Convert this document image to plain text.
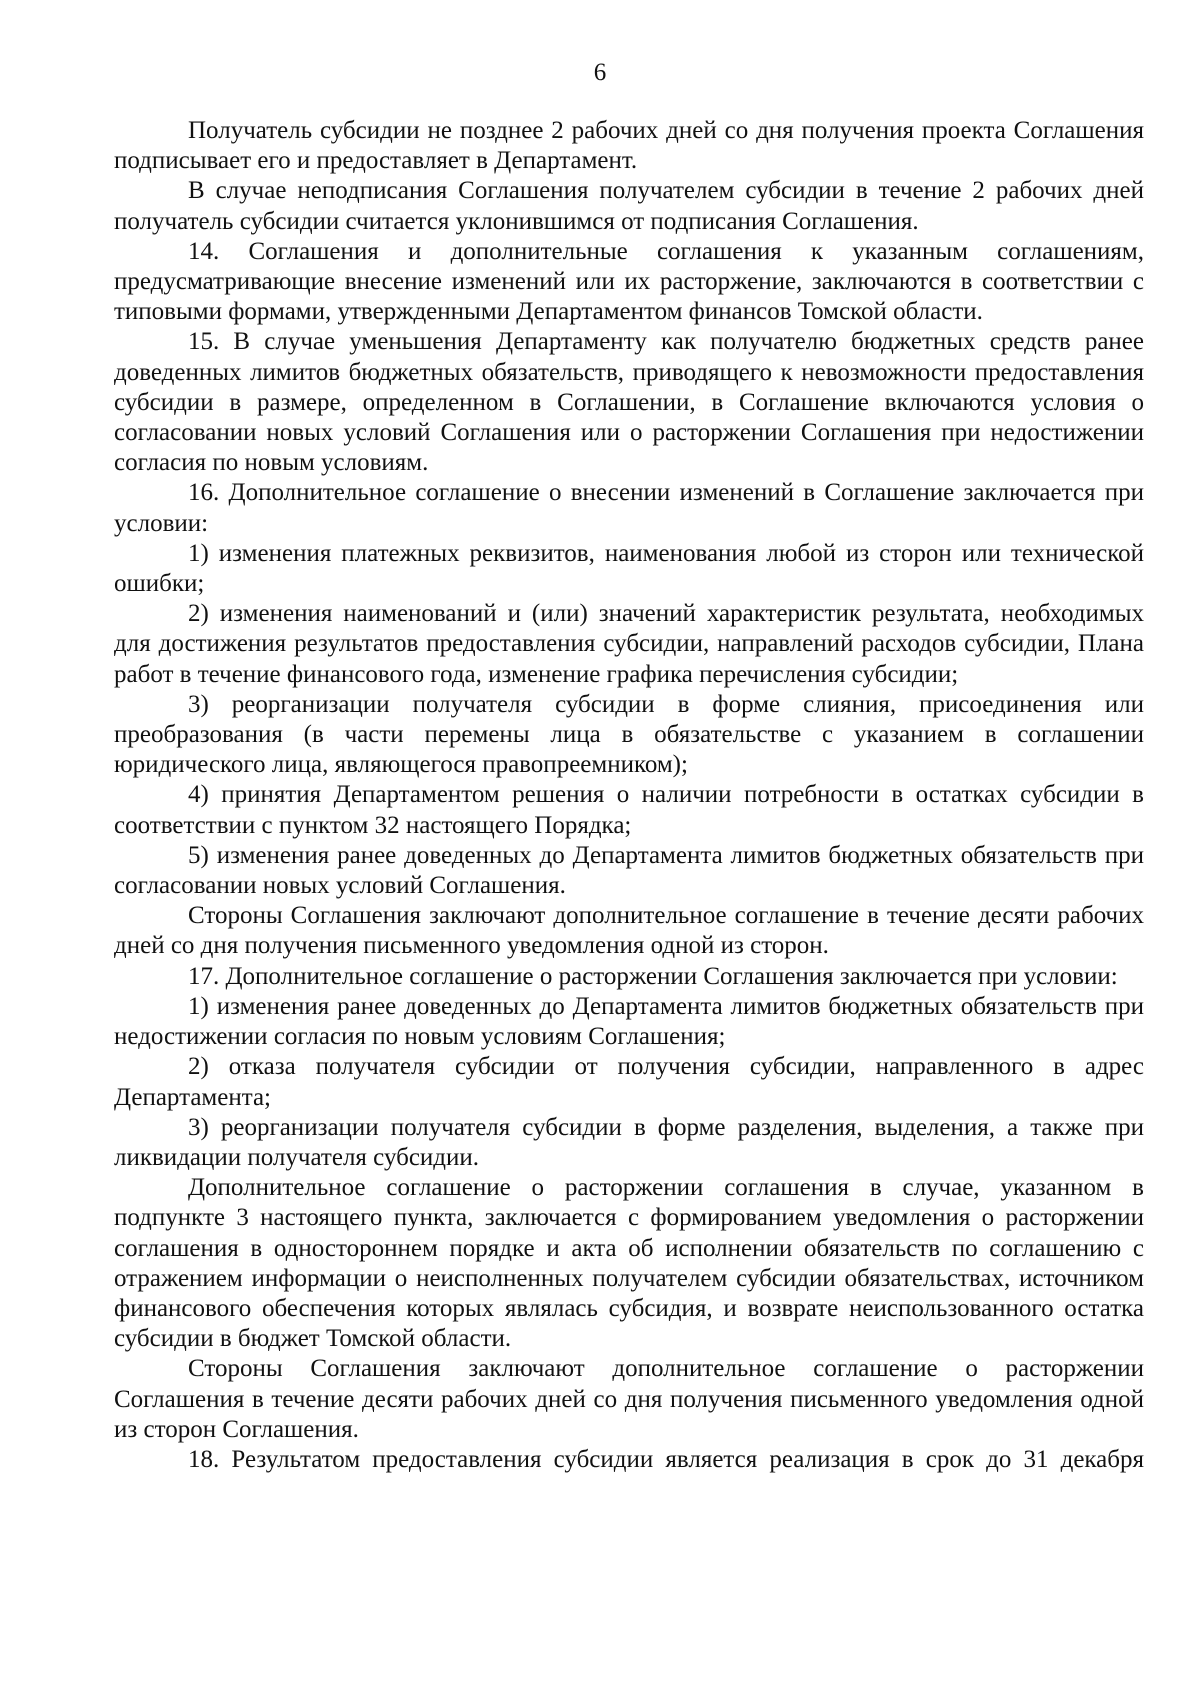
6

Получатель субсидии не позднее 2 рабочих дней со дня получения проекта Соглашения подписывает его и предоставляет в Департамент.

В случае неподписания Соглашения получателем субсидии в течение 2 рабочих дней получатель субсидии считается уклонившимся от подписания Соглашения.

14. Соглашения и дополнительные соглашения к указанным соглашениям, предусматривающие внесение изменений или их расторжение, заключаются в соответствии с типовыми формами, утвержденными Департаментом финансов Томской области.

15. В случае уменьшения Департаменту как получателю бюджетных средств ранее доведенных лимитов бюджетных обязательств, приводящего к невозможности предоставления субсидии в размере, определенном в Соглашении, в Соглашение включаются условия о согласовании новых условий Соглашения или о расторжении Соглашения при недостижении согласия по новым условиям.

16. Дополнительное соглашение о внесении изменений в Соглашение заключается при условии:

1) изменения платежных реквизитов, наименования любой из сторон или технической ошибки;

2) изменения наименований и (или) значений характеристик результата, необходимых для достижения результатов предоставления субсидии, направлений расходов субсидии, Плана работ в течение финансового года, изменение графика перечисления субсидии;

3) реорганизации получателя субсидии в форме слияния, присоединения или преобразования (в части перемены лица в обязательстве с указанием в соглашении юридического лица, являющегося правопреемником);

4) принятия Департаментом решения о наличии потребности в остатках субсидии в соответствии с пунктом 32 настоящего Порядка;

5) изменения ранее доведенных до Департамента лимитов бюджетных обязательств при согласовании новых условий Соглашения.

Стороны Соглашения заключают дополнительное соглашение в течение десяти рабочих дней со дня получения письменного уведомления одной из сторон.

17. Дополнительное соглашение о расторжении Соглашения заключается при условии:

1) изменения ранее доведенных до Департамента лимитов бюджетных обязательств при недостижении согласия по новым условиям Соглашения;

2) отказа получателя субсидии от получения субсидии, направленного в адрес Департамента;

3) реорганизации получателя субсидии в форме разделения, выделения, а также при ликвидации получателя субсидии.

Дополнительное соглашение о расторжении соглашения в случае, указанном в подпункте 3 настоящего пункта, заключается с формированием уведомления о расторжении соглашения в одностороннем порядке и акта об исполнении обязательств по соглашению с отражением информации о неисполненных получателем субсидии обязательствах, источником финансового обеспечения которых являлась субсидия, и возврате неиспользованного остатка субсидии в бюджет Томской области.

Стороны Соглашения заключают дополнительное соглашение о расторжении Соглашения в течение десяти рабочих дней со дня получения письменного уведомления одной из сторон Соглашения.

18. Результатом предоставления субсидии является реализация в срок до 31 декабря
